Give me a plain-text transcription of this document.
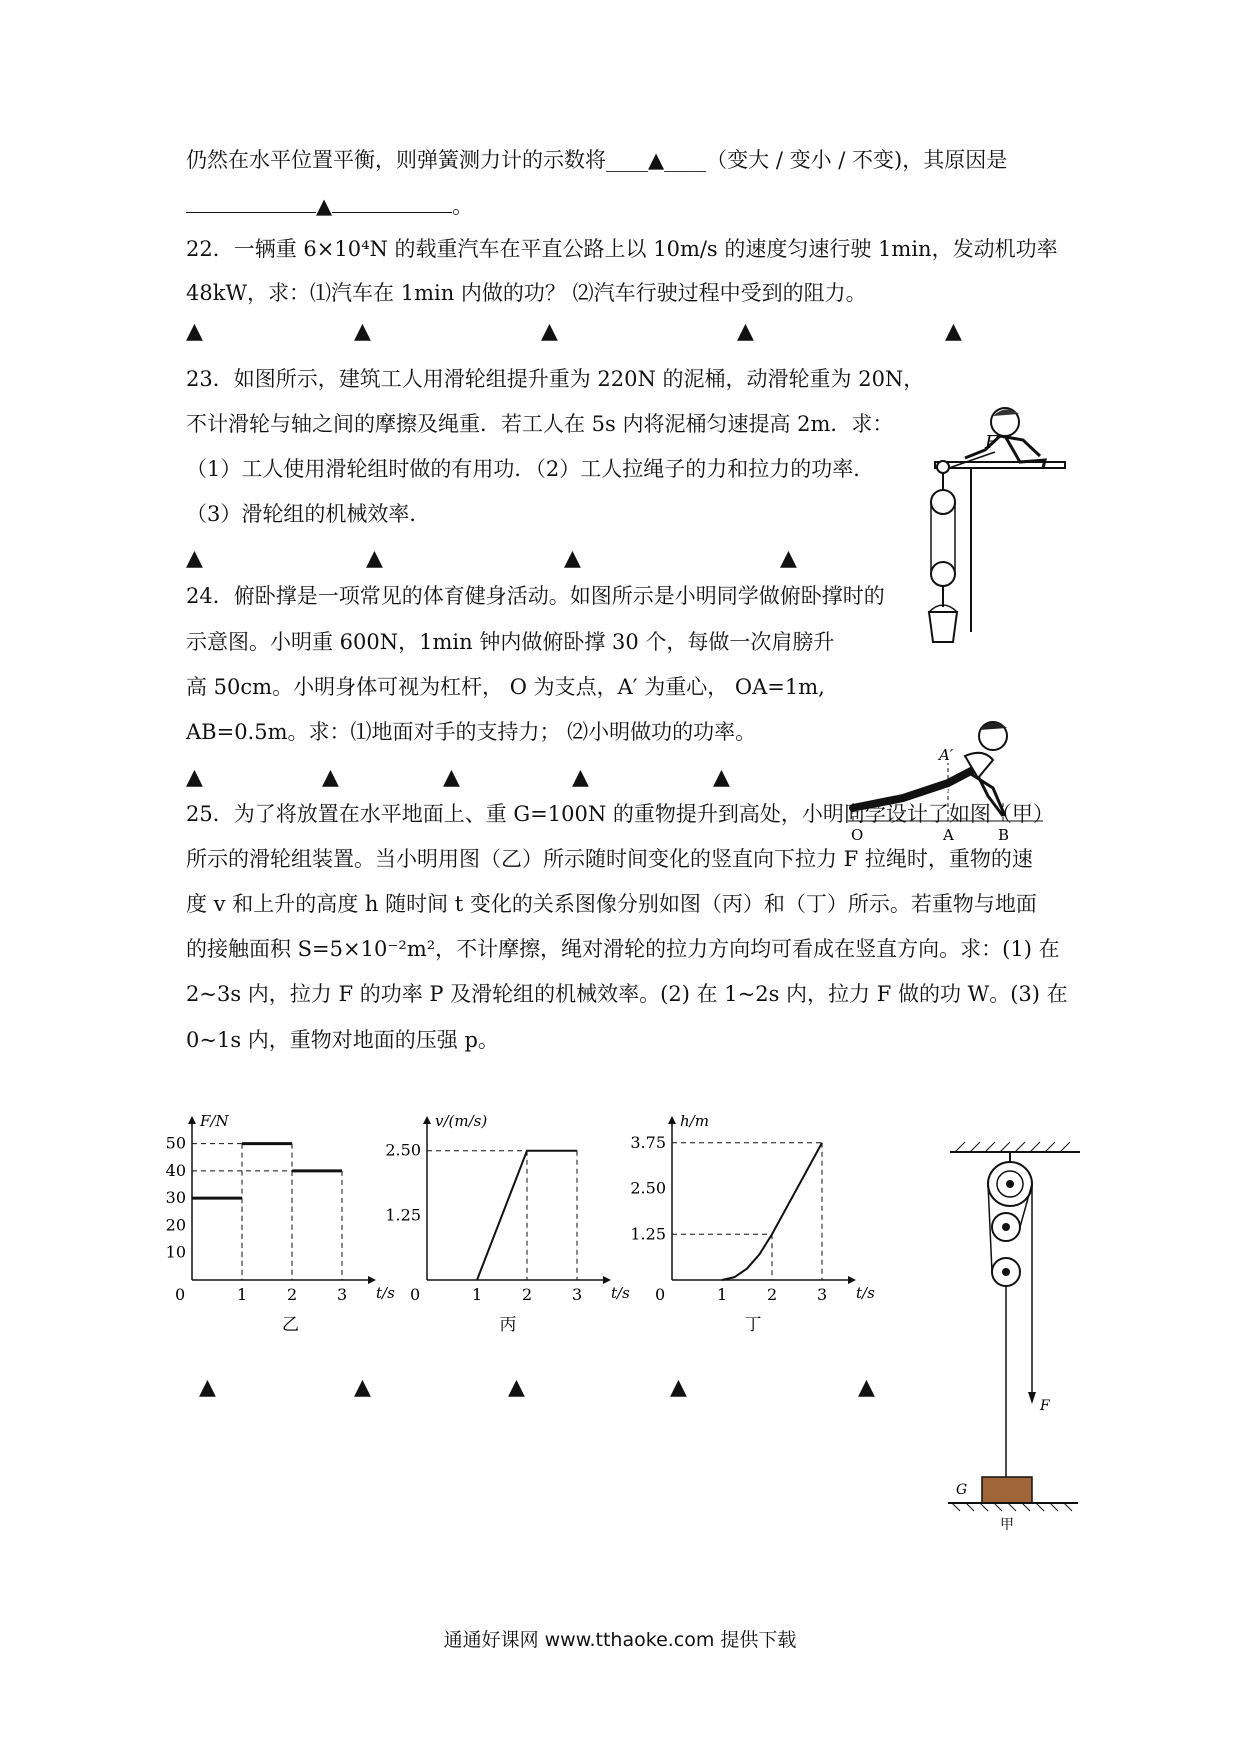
仍然在水平位置平衡，则弹簧测力计的示数将____▲____（变大 / 变小 / 不变)，其原因是
▲	。
22．一辆重 6×10⁴N 的载重汽车在平直公路上以 10m/s 的速度匀速行驶 1min，发动机功率
48kW，求：⑴汽车在 1min 内做的功？ ⑵汽车行驶过程中受到的阻力。
▲	▲	▲	▲	▲
23．如图所示，建筑工人用滑轮组提升重为 220N 的泥桶，动滑轮重为 20N，
不计滑轮与轴之间的摩擦及绳重．若工人在 5s 内将泥桶匀速提高 2m．求：
（1）工人使用滑轮组时做的有用功．（2）工人拉绳子的力和拉力的功率．
（3）滑轮组的机械效率．
▲	▲	▲	▲
F
24．俯卧撑是一项常见的体育健身活动。如图所示是小明同学做俯卧撑时的
示意图。小明重 600N，1min 钟内做俯卧撑 30 个，每做一次肩膀升
高 50cm。小明身体可视为杠杆， O 为支点，A′ 为重心， OA=1m,
AB=0.5m。求：⑴地面对手的支持力； ⑵小明做功的功率。
▲	▲	▲	▲	▲
O	A	B
A′
25．为了将放置在水平地面上、重 G=100N 的重物提升到高处，小明同学设计了如图（甲）
所示的滑轮组装置。当小明用图（乙）所示随时间变化的竖直向下拉力 F 拉绳时，重物的速
度 v 和上升的高度 h 随时间 t 变化的关系图像分别如图（丙）和（丁）所示。若重物与地面
的接触面积 S=5×10⁻²m²，不计摩擦，绳对滑轮的拉力方向均可看成在竖直方向。求：(1) 在
2~3s 内，拉力 F 的功率 P 及滑轮组的机械效率。(2) 在 1~2s 内，拉力 F 做的功 W。(3) 在
0~1s 内，重物对地面的压强 p。
F/N
t/s
0	1 2 3
10
20
30
40
50
乙
v/(m/s)
t/s
0	1 2 3
1.25
2.50
丙
h/m
t/s
0	1 2 3
1.25
2.50
3.75
丁
F
G
甲
▲	▲	▲	▲	▲
通通好课网 www.tthaoke.com 提供下载
